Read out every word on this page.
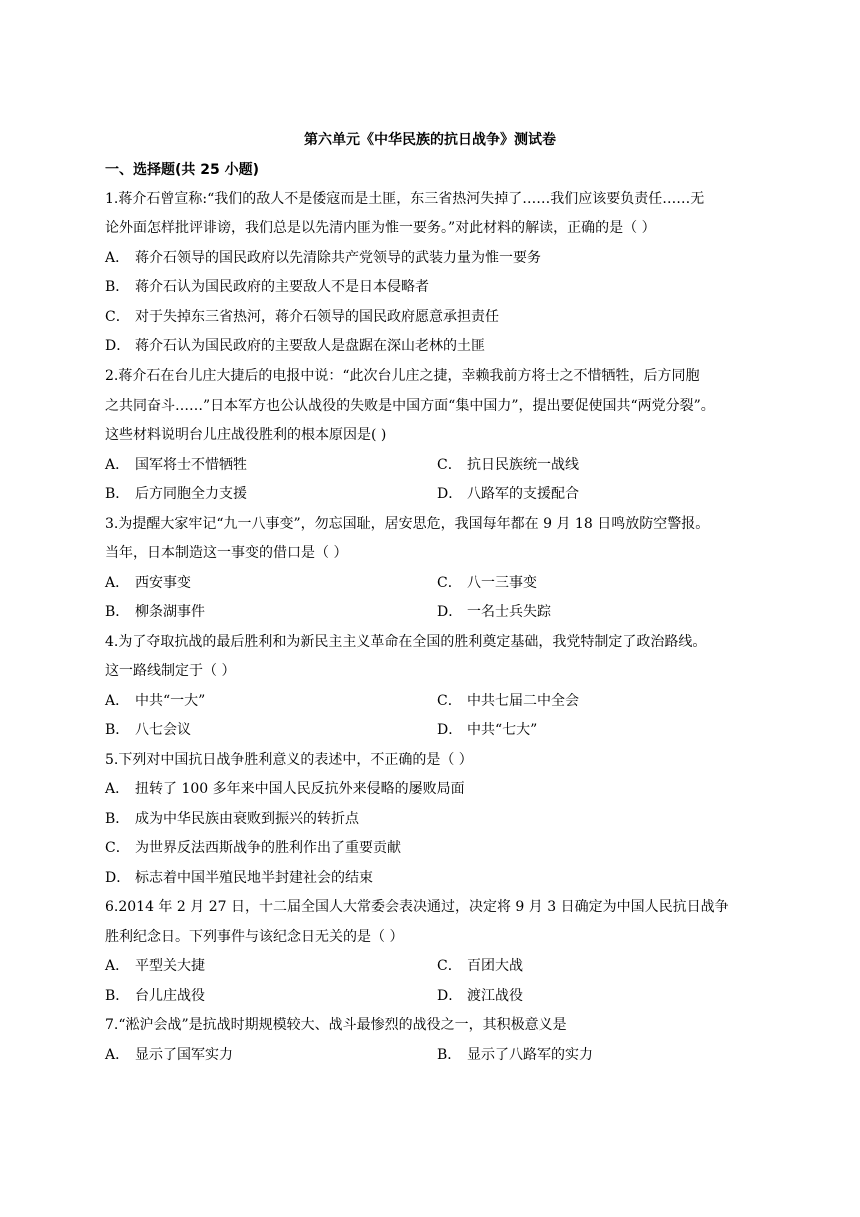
第六单元《中华民族的抗日战争》测试卷
一、选择题(共 25 小题)
1.蒋介石曾宣称:“我们的敌人不是倭寇而是土匪，东三省热河失掉了……我们应该要负责任……无
论外面怎样批评诽谤，我们总是以先清内匪为惟一要务。”对此材料的解读，正确的是（ ）
A． 蒋介石领导的国民政府以先清除共产党领导的武装力量为惟一要务
B． 蒋介石认为国民政府的主要敌人不是日本侵略者
C． 对于失掉东三省热河，蒋介石领导的国民政府愿意承担责任
D． 蒋介石认为国民政府的主要敌人是盘踞在深山老林的土匪
2.蒋介石在台儿庄大捷后的电报中说：“此次台儿庄之捷，幸赖我前方将士之不惜牺牲，后方同胞
之共同奋斗……”日本军方也公认战役的失败是中国方面“集中国力”，提出要促使国共“两党分裂”。
这些材料说明台儿庄战役胜利的根本原因是( )
A． 国军将士不惜牺牲	C． 抗日民族统一战线
B． 后方同胞全力支援	D． 八路军的支援配合
3.为提醒大家牢记“九一八事变”，勿忘国耻，居安思危，我国每年都在 9 月 18 日鸣放防空警报。
当年，日本制造这一事变的借口是（ ）
A． 西安事变	C． 八一三事变
B． 柳条湖事件	D． 一名士兵失踪
4.为了夺取抗战的最后胜利和为新民主主义革命在全国的胜利奠定基础，我党特制定了政治路线。
这一路线制定于（ ）
A． 中共“一大”	C． 中共七届二中全会
B． 八七会议	D． 中共“七大”
5.下列对中国抗日战争胜利意义的表述中，不正确的是（ ）
A． 扭转了 100 多年来中国人民反抗外来侵略的屡败局面
B． 成为中华民族由衰败到振兴的转折点
C． 为世界反法西斯战争的胜利作出了重要贡献
D． 标志着中国半殖民地半封建社会的结束
6.2014 年 2 月 27 日，十二届全国人大常委会表决通过，决定将 9 月 3 日确定为中国人民抗日战争
胜利纪念日。下列事件与该纪念日无关的是（ ）
A． 平型关大捷	C． 百团大战
B． 台儿庄战役	D． 渡江战役
7.“淞沪会战”是抗战时期规模较大、战斗最惨烈的战役之一，其积极意义是
A． 显示了国军实力	B． 显示了八路军的实力
